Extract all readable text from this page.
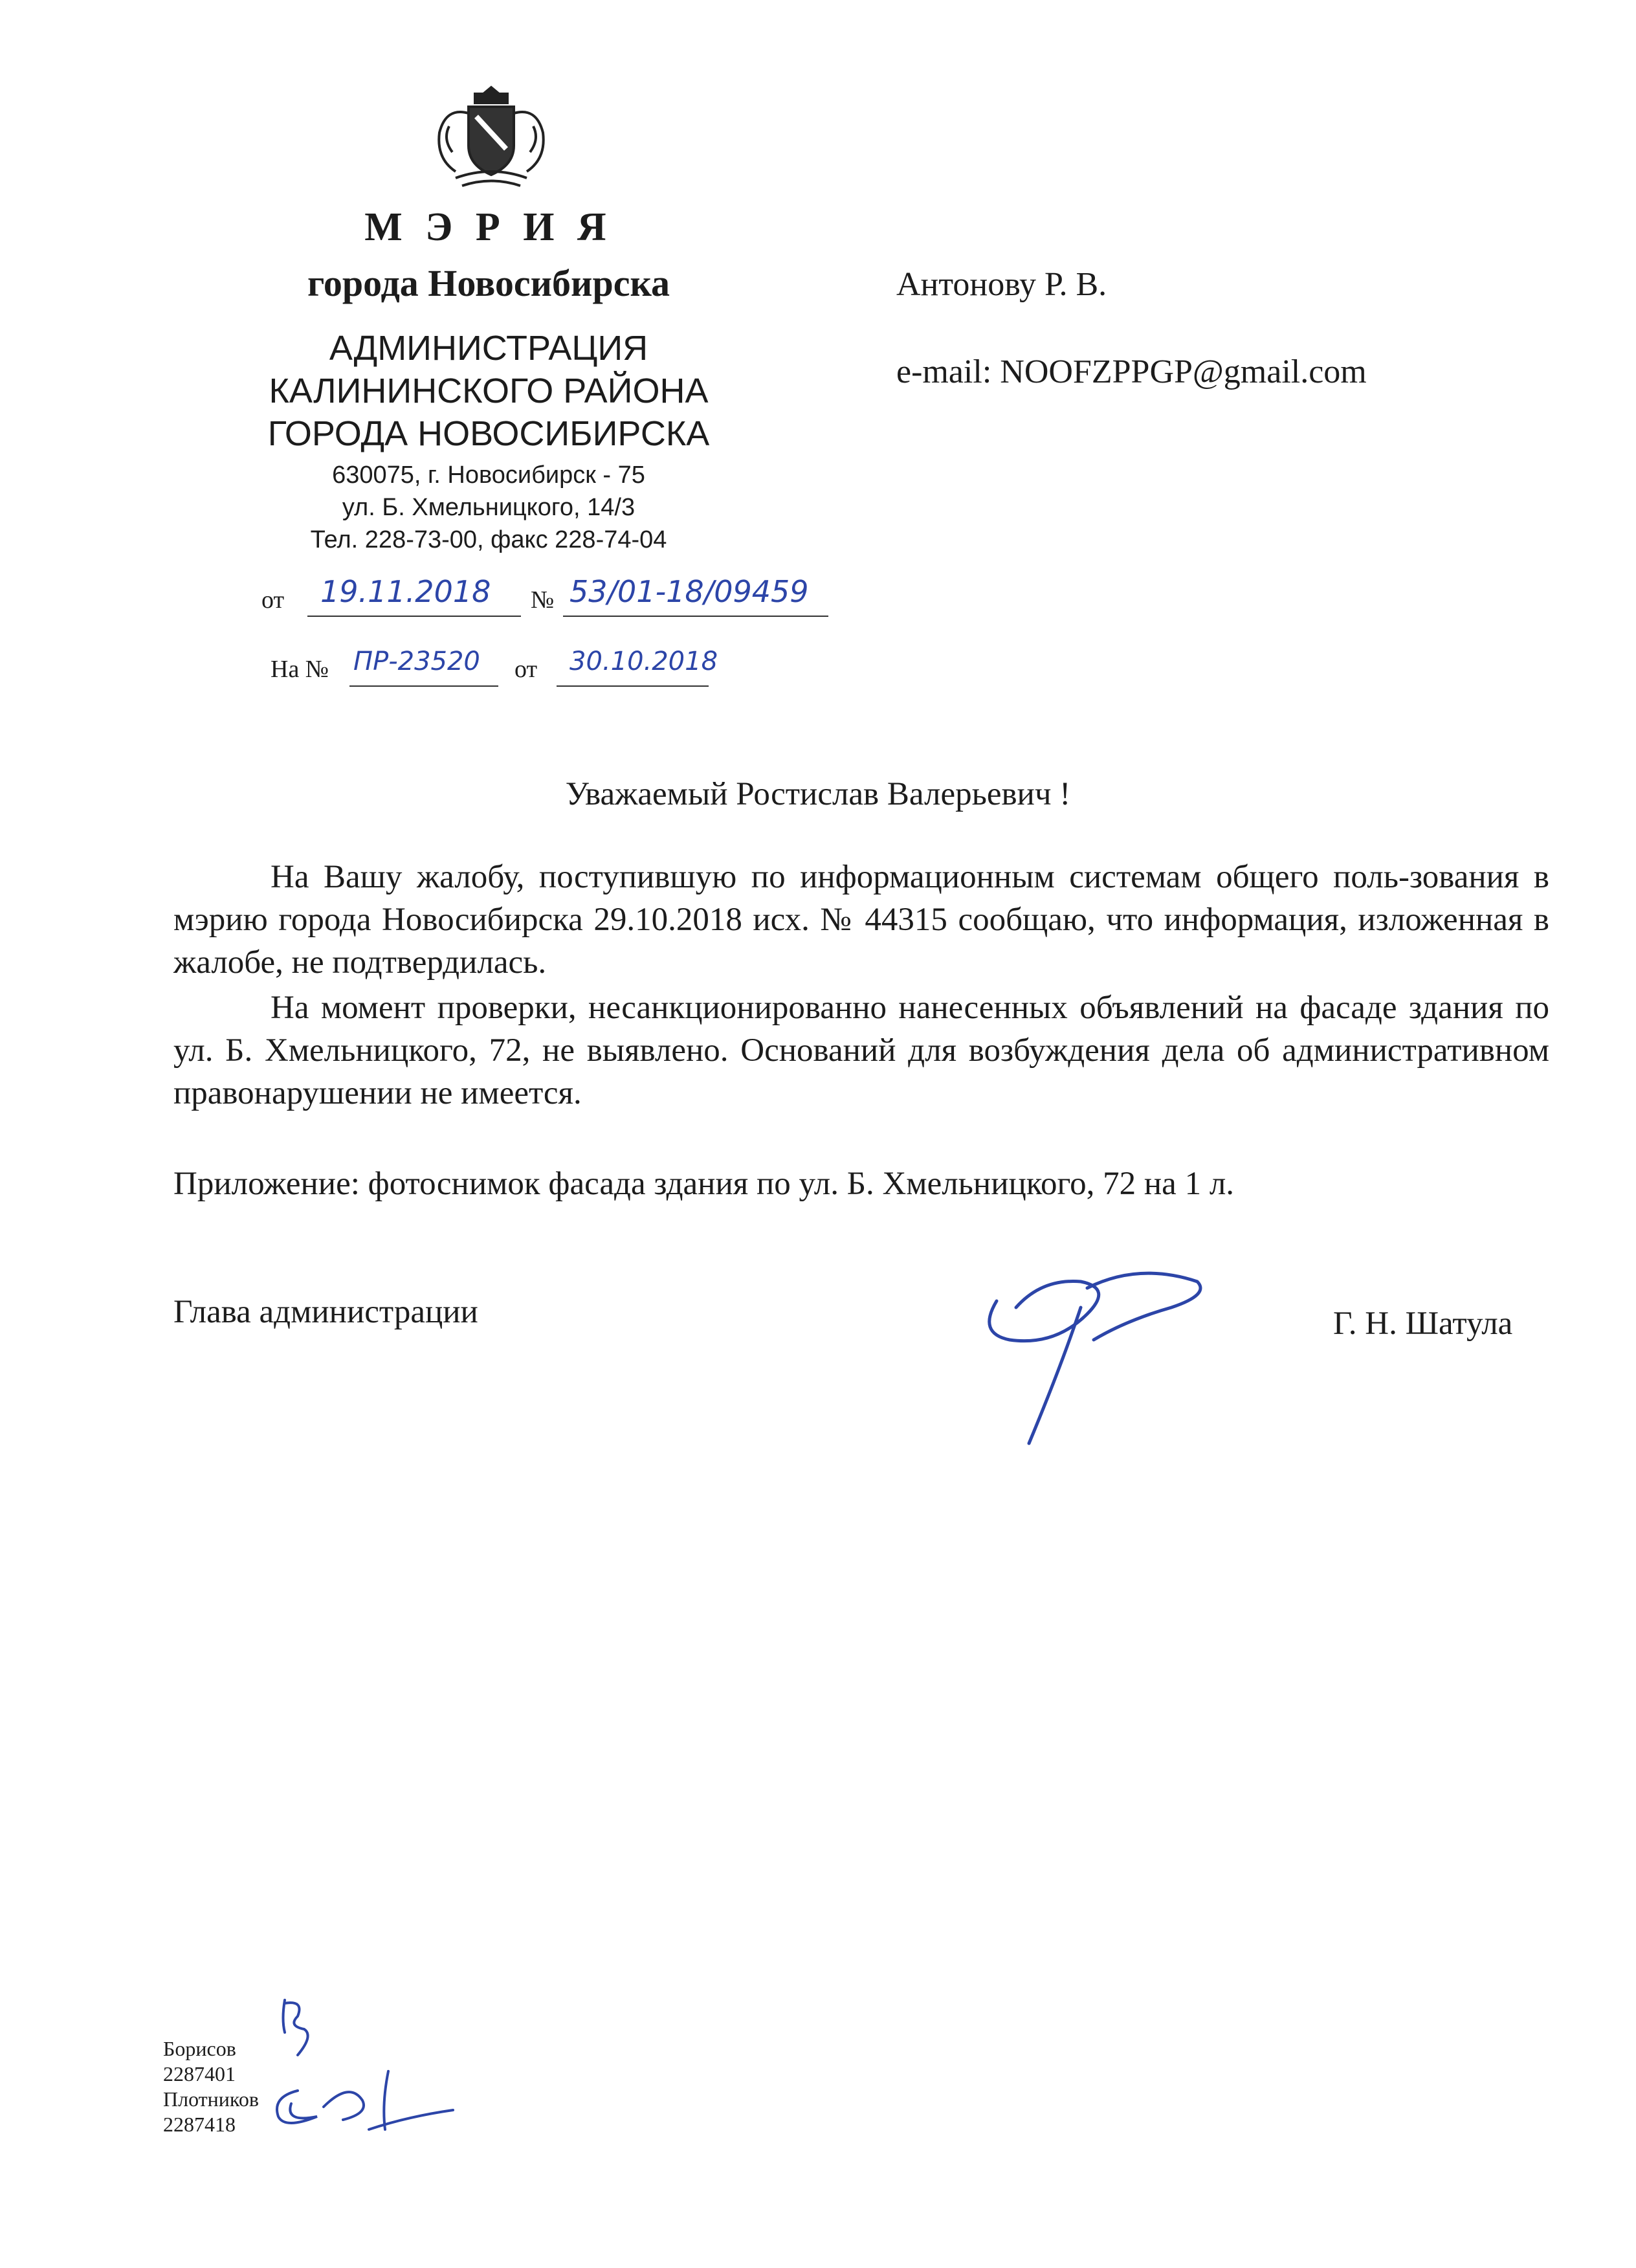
М Э Р И Я
города Новосибирска
АДМИНИСТРАЦИЯ
КАЛИНИНСКОГО РАЙОНА
ГОРОДА НОВОСИБИРСКА
630075, г. Новосибирск - 75
ул. Б. Хмельницкого, 14/3
Тел. 228-73-00, факс 228-74-04
от 19.11.2018 № 53/01-18/09459
На № ПР-23520 от 30.10.2018
Антонову Р. В.
e-mail: NOOFZPPGP@gmail.com
Уважаемый Ростислав Валерьевич !

На Вашу жалобу, поступившую по информационным системам общего поль-зования в мэрию города Новосибирска 29.10.2018 исх. № 44315 сообщаю, что информация, изложенная в жалобе, не подтвердилась.

На момент проверки, несанкционированно нанесенных объявлений на фасаде здания по ул. Б. Хмельницкого, 72, не выявлено. Оснований для возбуждения дела об административном правонарушении не имеется.

Приложение: фотоснимок фасада здания по ул. Б. Хмельницкого, 72 на 1 л.
Глава администрации	Г. Н. Шатула
Борисов
2287401
Плотников
2287418
